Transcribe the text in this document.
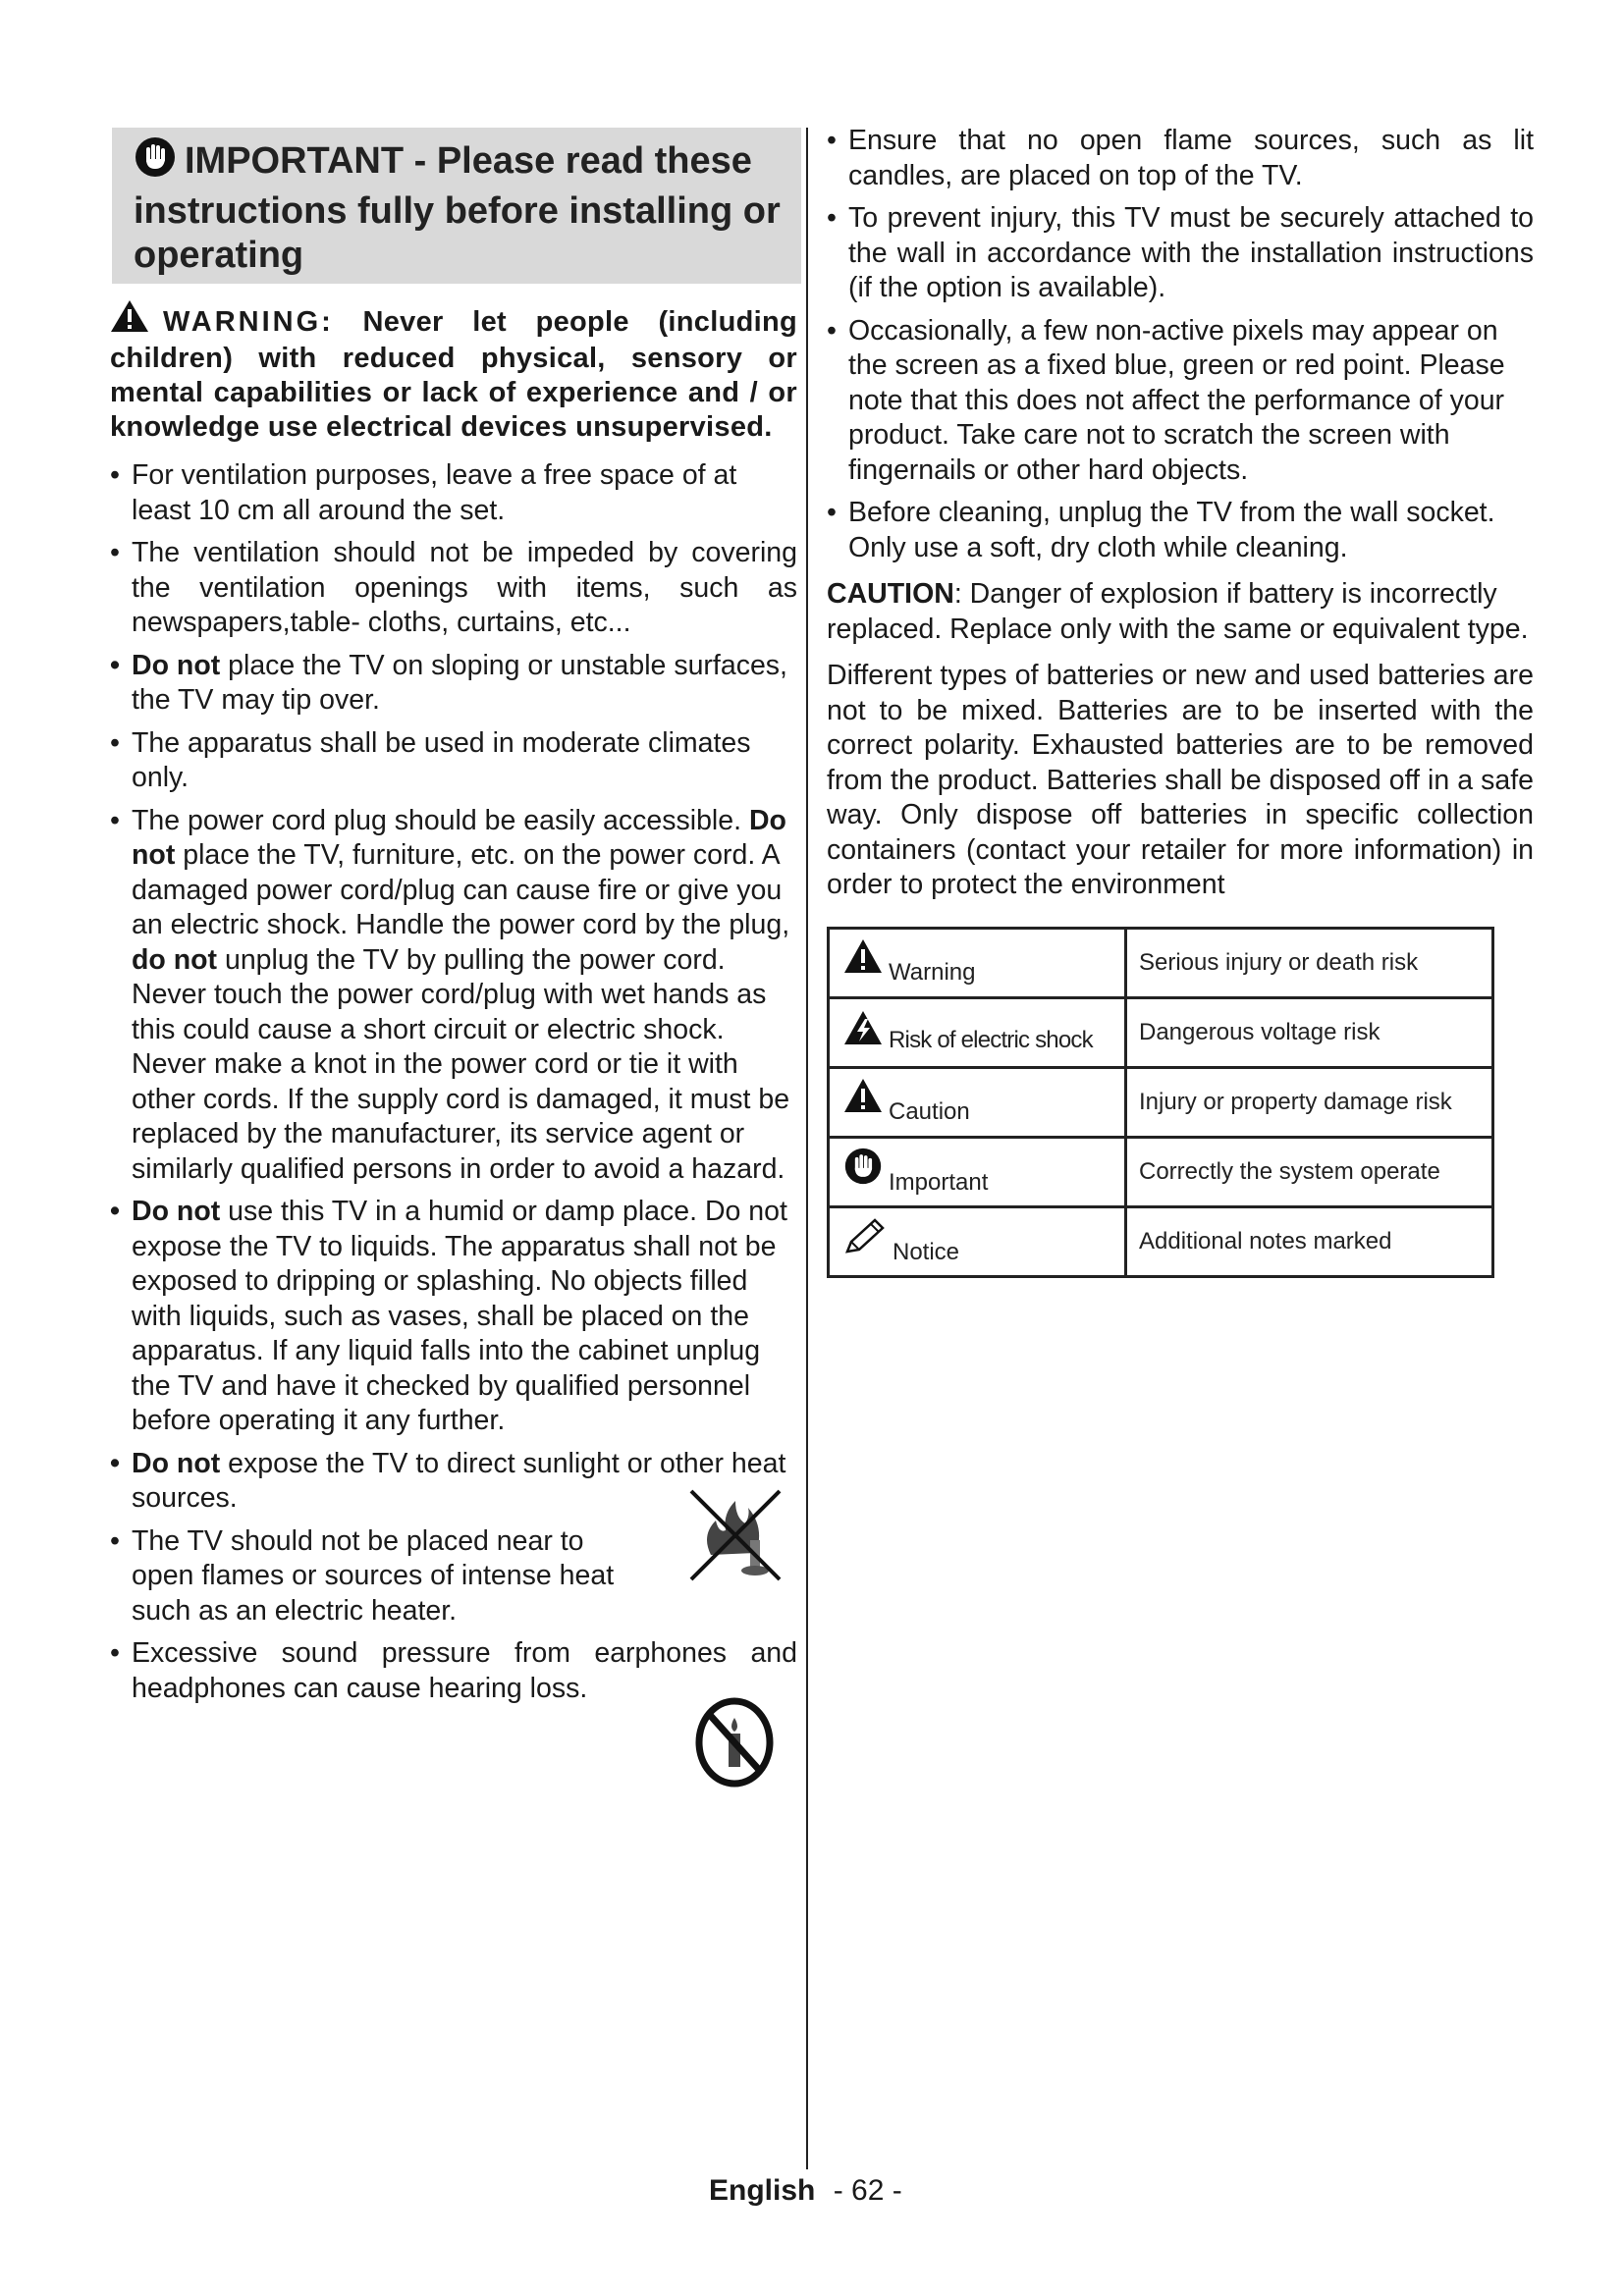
IMPORTANT - Please read these instructions fully before installing or operating
WARNING: Never let people (including children) with reduced physical, sensory or mental capabilities or lack of experience and / or knowledge use electrical devices unsupervised.
• For ventilation purposes, leave a free space of at least 10 cm all around the set.
• The ventilation should not be impeded by covering the ventilation openings with items, such as newspapers,table- cloths, curtains, etc...
• Do not place the TV on sloping or unstable surfaces, the TV may tip over.
• The apparatus shall be used in moderate climates only.
• The power cord plug should be easily accessible. Do not place the TV, furniture, etc. on the power cord. A damaged power cord/plug can cause fire or give you an electric shock. Handle the power cord by the plug, do not unplug the TV by pulling the power cord. Never touch the power cord/plug with wet hands as this could cause a short circuit or electric shock. Never make a knot in the power cord or tie it with other cords. If the supply cord is damaged, it must be replaced by the manufacturer, its service agent or similarly qualified persons in order to avoid a hazard.
• Do not use this TV in a humid or damp place. Do not expose the TV to liquids. The apparatus shall not be exposed to dripping or splashing. No objects filled with liquids, such as vases, shall be placed on the apparatus. If any liquid falls into the cabinet unplug the TV and have it checked by qualified personnel before operating it any further.
• Do not expose the TV to direct sunlight or other heat sources.
• The TV should not be placed near to open flames or sources of intense heat such as an electric heater.
• Excessive sound pressure from earphones and headphones can cause hearing loss.
• Ensure that no open flame sources, such as lit candles, are placed on top of the TV.
• To prevent injury, this TV must be securely attached to the wall in accordance with the installation instructions (if the option is available).
• Occasionally, a few non-active pixels may appear on the screen as a fixed blue, green or red point. Please note that this does not affect the performance of your product. Take care not to scratch the screen with fingernails or other hard objects.
• Before cleaning, unplug the TV from the wall socket. Only use a soft, dry cloth while cleaning.
CAUTION: Danger of explosion if battery is incorrectly replaced. Replace only with the same or equivalent type.
Different types of batteries or new and used batteries are not to be mixed. Batteries are to be inserted with the correct polarity. Exhausted batteries are to be removed from the product. Batteries shall be disposed off in a safe way. Only dispose off batteries in specific collection containers (contact your retailer for more information) in order to protect the environment
Warning	Serious injury or death risk
Risk of electric shock	Dangerous voltage risk
Caution	Injury or property damage risk
Important	Correctly the system operate
Notice	Additional notes marked
English - 62 -
